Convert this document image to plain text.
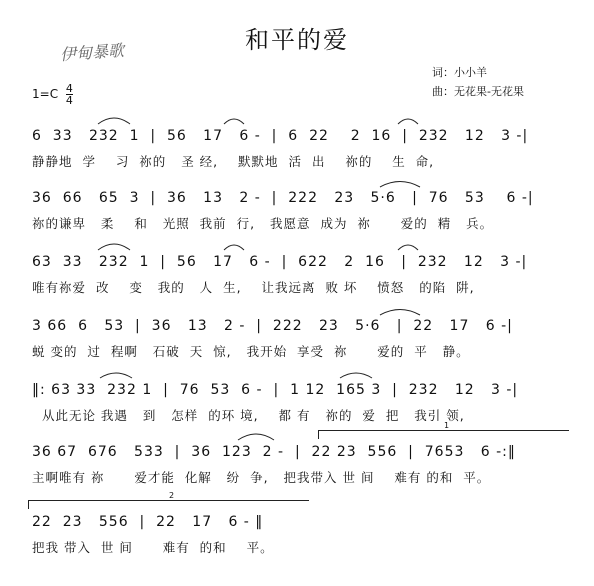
和平的爱
伊甸暴歌
$1=C \frac{4}{4}$
词：小小羊
曲：无花果-无花果
6  33   232  1  |  56   17   6 -  |  6  22    2  16  |  232   12   3 -|
静静地  学    习  祢的   圣 经,    默默地  活  出    祢的    生  命,
36  66   65  3  |  36   13   2 -  |  222   23   5·6   |  76   53    6 -|
祢的谦卑   柔    和   光照  我前  行,   我愿意  成为  祢      爱的  精   兵。
63  33   232  1  |  56   17   6 -  |  622   2  16   |  232   12   3 -|
唯有祢爱  改    变   我的   人  生,    让我远离  败 坏    愤怒   的陷  阱,
3 66  6   53  |  36   13   2 -  |  222   23   5·6   |  22   17   6 -|
蜕 变的  过  程啊   石破  天  惊,   我开始  享受  祢      爱的  平   静。
‖: 63 33  232 1  |  76  53  6 -  |  1 12  165 3  |  232   12   3 -|
从此无论 我遇   到   怎样  的环 境,    都 有   祢的  爱  把   我引 领,
1
36 67  676   533  |  36  123  2 -  |  22 23  556  |  7653   6 -:‖
主啊唯有 祢      爱才能  化解   纷  争,   把我带入 世 间    难有 的和  平。
2
22  23   556  |  22   17   6 - ‖
把我 带入  世 间      难有  的和    平。
